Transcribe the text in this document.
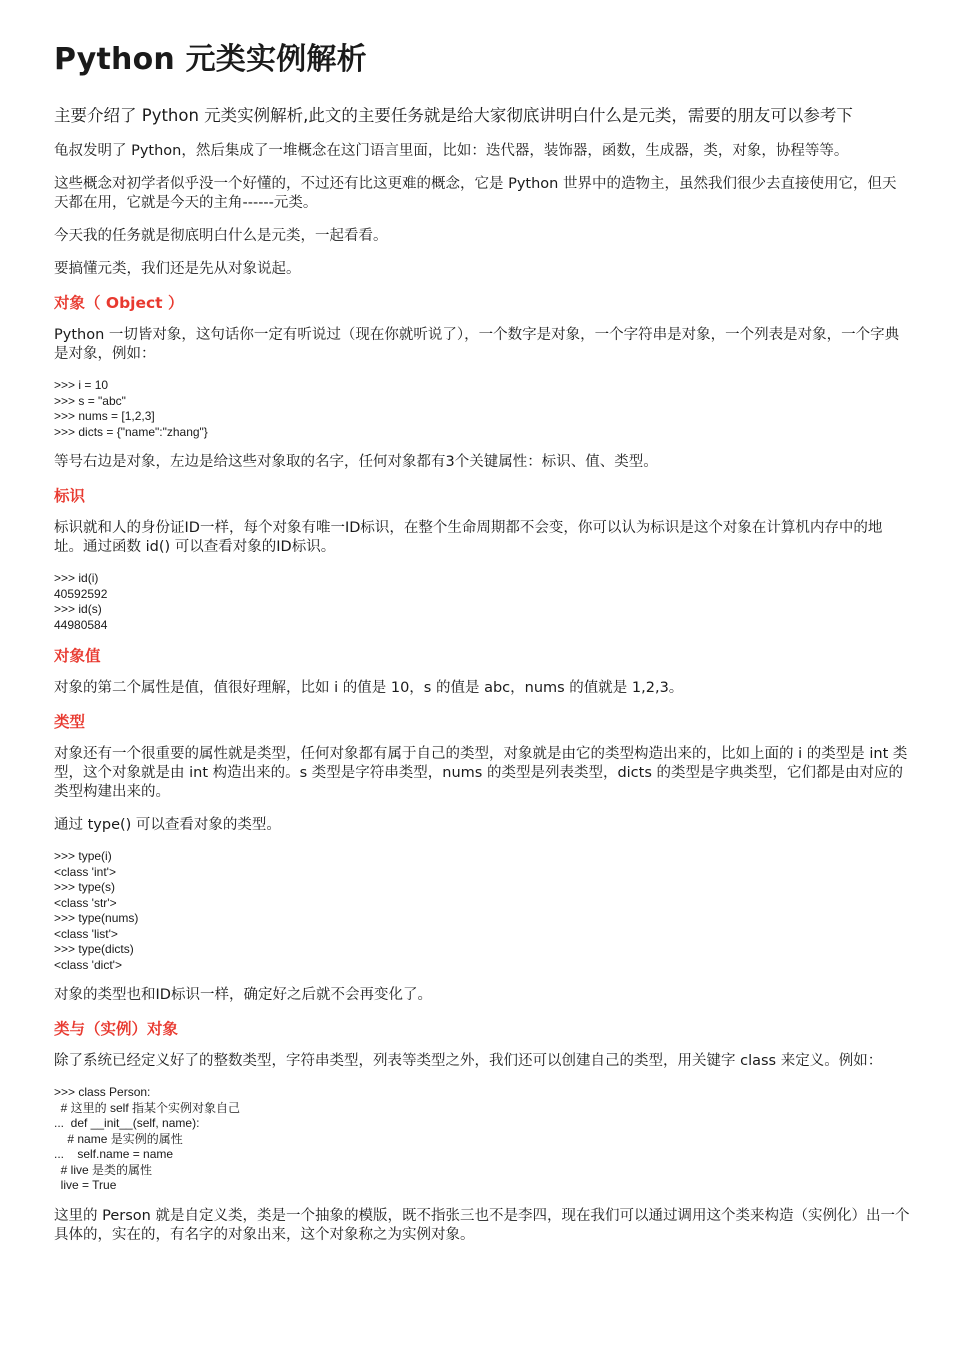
Python 元类实例解析
主要介绍了 Python 元类实例解析,此文的主要任务就是给大家彻底讲明白什么是元类，需要的朋友可以参考下

龟叔发明了 Python，然后集成了一堆概念在这门语言里面，比如：迭代器，装饰器，函数，生成器，类，对象，协程等等。

这些概念对初学者似乎没一个好懂的，不过还有比这更难的概念，它是 Python 世界中的造物主，虽然我们很少去直接使用它，但天天都在用，它就是今天的主角------元类。

今天我的任务就是彻底明白什么是元类，一起看看。

要搞懂元类，我们还是先从对象说起。

对象（ Object ）

Python 一切皆对象，这句话你一定有听说过（现在你就听说了），一个数字是对象，一个字符串是对象，一个列表是对象，一个字典是对象，例如：

>>> i = 10
>>> s = "abc"
>>> nums = [1,2,3]
>>> dicts = {"name":"zhang"}

等号右边是对象，左边是给这些对象取的名字，任何对象都有3个关键属性：标识、值、类型。

标识

标识就和人的身份证ID一样，每个对象有唯一ID标识，在整个生命周期都不会变，你可以认为标识是这个对象在计算机内存中的地址。通过函数 id() 可以查看对象的ID标识。

>>> id(i)
40592592
>>> id(s)
44980584
对象值

对象的第二个属性是值，值很好理解，比如 i 的值是 10，s 的值是 abc，nums 的值就是 1,2,3。

类型

对象还有一个很重要的属性就是类型，任何对象都有属于自己的类型，对象就是由它的类型构造出来的，比如上面的 i 的类型是 int 类型，这个对象就是由 int 构造出来的。s 类型是字符串类型，nums 的类型是列表类型，dicts 的类型是字典类型，它们都是由对应的类型构建出来的。

通过 type() 可以查看对象的类型。

>>> type(i)
<class 'int'>
>>> type(s)
<class 'str'>
>>> type(nums)
<class 'list'>
>>> type(dicts)
<class 'dict'>

对象的类型也和ID标识一样，确定好之后就不会再变化了。

类与（实例）对象

除了系统已经定义好了的整数类型，字符串类型，列表等类型之外，我们还可以创建自己的类型，用关键字 class 来定义。例如：

>>> class Person:
# 这里的 self 指某个实例对象自己
...  def __init__(self, name):
# name 是实例的属性
...    self.name = name
# live 是类的属性
live = True

这里的 Person 就是自定义类，类是一个抽象的模版，既不指张三也不是李四，现在我们可以通过调用这个类来构造（实例化）出一个具体的，实在的，有名字的对象出来，这个对象称之为实例对象。
